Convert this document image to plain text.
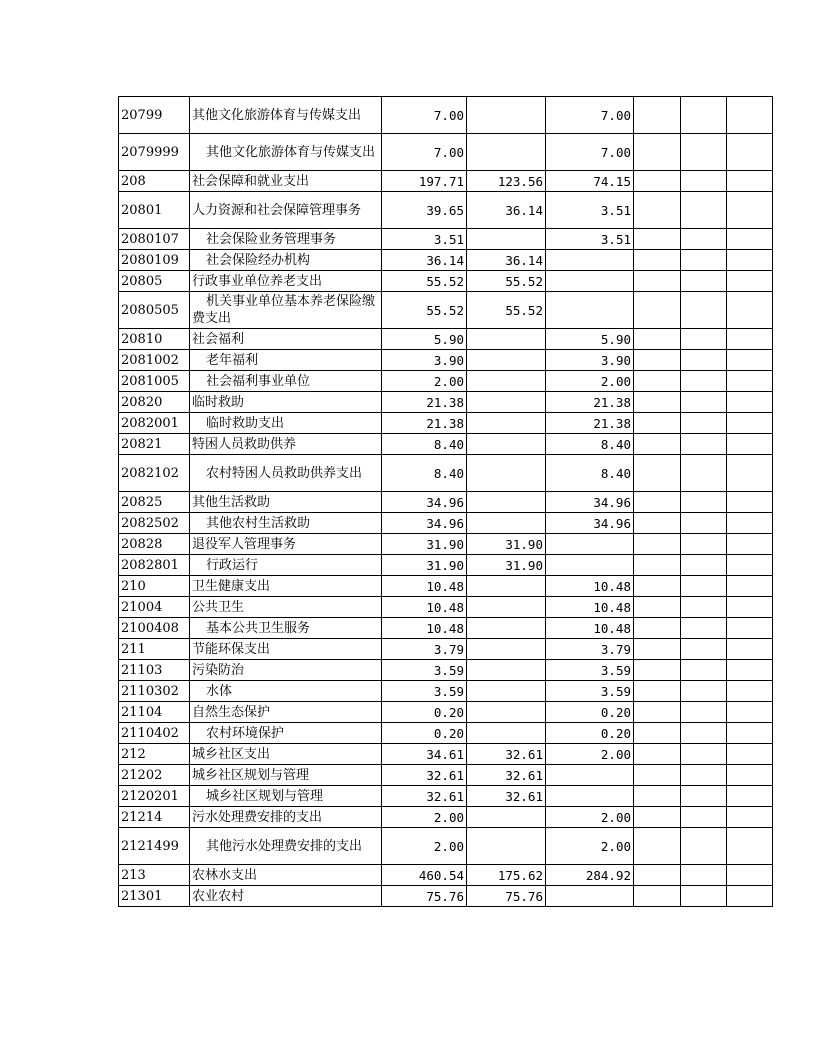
20799	其他文化旅游体育与传媒支出	7.00		7.00			
2079999	其他文化旅游体育与传媒支出	7.00		7.00			
208	社会保障和就业支出	197.71	123.56	74.15			
20801	人力资源和社会保障管理事务	39.65	36.14	3.51			
2080107	社会保险业务管理事务	3.51		3.51			
2080109	社会保险经办机构	36.14	36.14				
20805	行政事业单位养老支出	55.52	55.52				
2080505	机关事业单位基本养老保险缴费支出	55.52	55.52				
20810	社会福利	5.90		5.90			
2081002	老年福利	3.90		3.90			
2081005	社会福利事业单位	2.00		2.00			
20820	临时救助	21.38		21.38			
2082001	临时救助支出	21.38		21.38			
20821	特困人员救助供养	8.40		8.40			
2082102	农村特困人员救助供养支出	8.40		8.40			
20825	其他生活救助	34.96		34.96			
2082502	其他农村生活救助	34.96		34.96			
20828	退役军人管理事务	31.90	31.90				
2082801	行政运行	31.90	31.90				
210	卫生健康支出	10.48		10.48			
21004	公共卫生	10.48		10.48			
2100408	基本公共卫生服务	10.48		10.48			
211	节能环保支出	3.79		3.79			
21103	污染防治	3.59		3.59			
2110302	水体	3.59		3.59			
21104	自然生态保护	0.20		0.20			
2110402	农村环境保护	0.20		0.20			
212	城乡社区支出	34.61	32.61	2.00			
21202	城乡社区规划与管理	32.61	32.61				
2120201	城乡社区规划与管理	32.61	32.61				
21214	污水处理费安排的支出	2.00		2.00			
2121499	其他污水处理费安排的支出	2.00		2.00			
213	农林水支出	460.54	175.62	284.92			
21301	农业农村	75.76	75.76				
